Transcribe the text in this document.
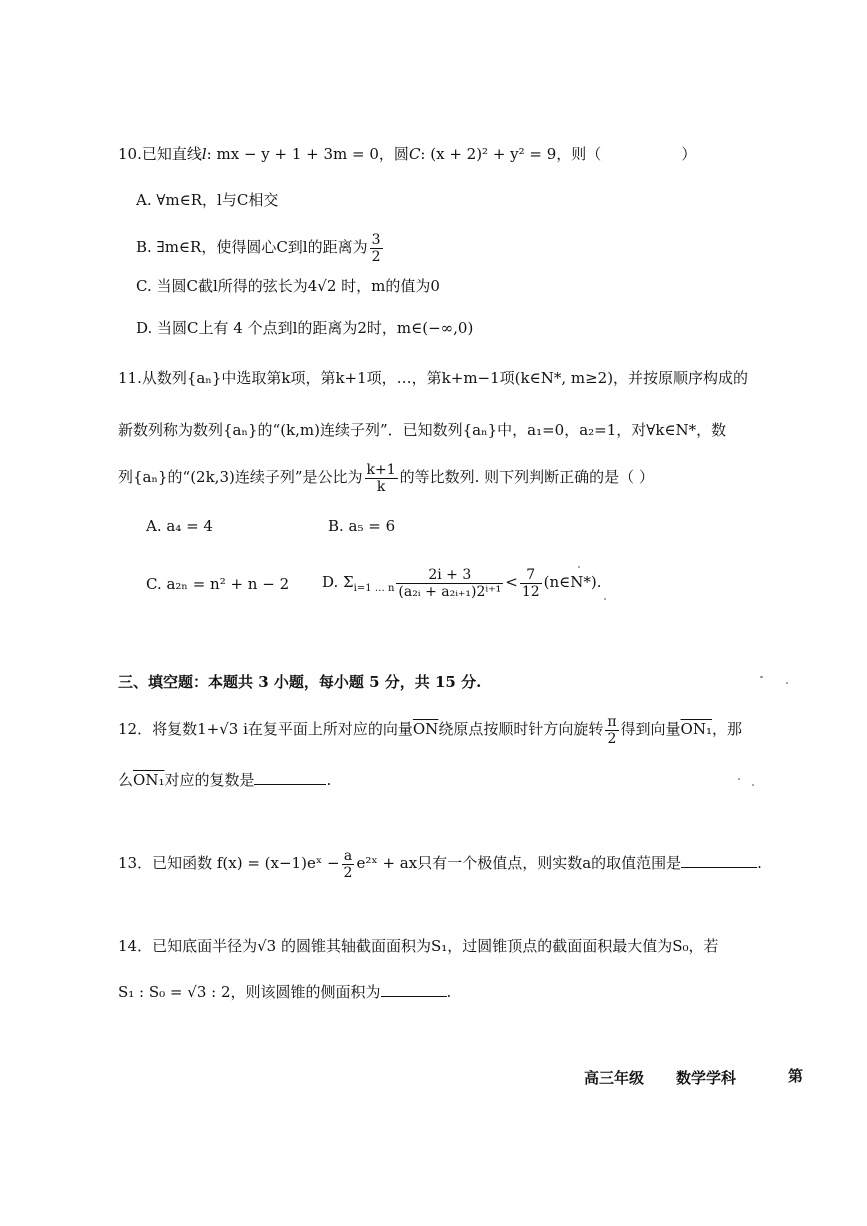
10.已知直线l: mx − y + 1 + 3m = 0，圆C: (x + 2)² + y² = 9，则（	）
A. ∀m∈R，l与C相交
B. ∃m∈R，使得圆心C到l的距离为 $\frac{3}{2}$
C. 当圆C截l所得的弦长为4√2 时，m的值为0
D. 当圆C上有 4 个点到l的距离为2时，m∈(−∞,0)
11.从数列{aₙ}中选取第k项，第k+1项，…，第k+m−1项(k∈N*, m≥2)，并按原顺序构成的
新数列称为数列{aₙ}的“(k,m)连续子列”．已知数列{aₙ}中，a₁=0，a₂=1，对∀k∈N*，数
列{aₙ}的“(2k,3)连续子列”是公比为 $\frac{k+1}{k}$ 的等比数列. 则下列判断正确的是（ ）
A. a₄ = 4	B. a₅ = 6
C. a₂ₙ = n² + n − 2 D. $\Sigma_{i=1 \dots n} \frac{2i + 3}{\text{(a₂ᵢ + a₂ᵢ₊₁)2ⁱ⁺¹}} < \frac{7}{12}$ (n∈N*).
三、填空题：本题共 3 小题，每小题 5 分，共 15 分.
12．将复数1+√3 i在复平面上所对应的向量$\overline{ON}$绕原点按顺时针方向旋转 $\frac{\pi}{2}$ 得到向量ON₁，那
么ON₁对应的复数是	.
13．已知函数 f(x) = (x−1)eˣ − $\frac{a}{2}$ e²ˣ + ax只有一个极值点，则实数a的取值范围是	.
14．已知底面半径为√3 的圆锥其轴截面面积为S₁，过圆锥顶点的截面面积最大值为S₀，若
S₁ : S₀ = √3 : 2，则该圆锥的侧面积为	.
高三年级 数学学科	第
